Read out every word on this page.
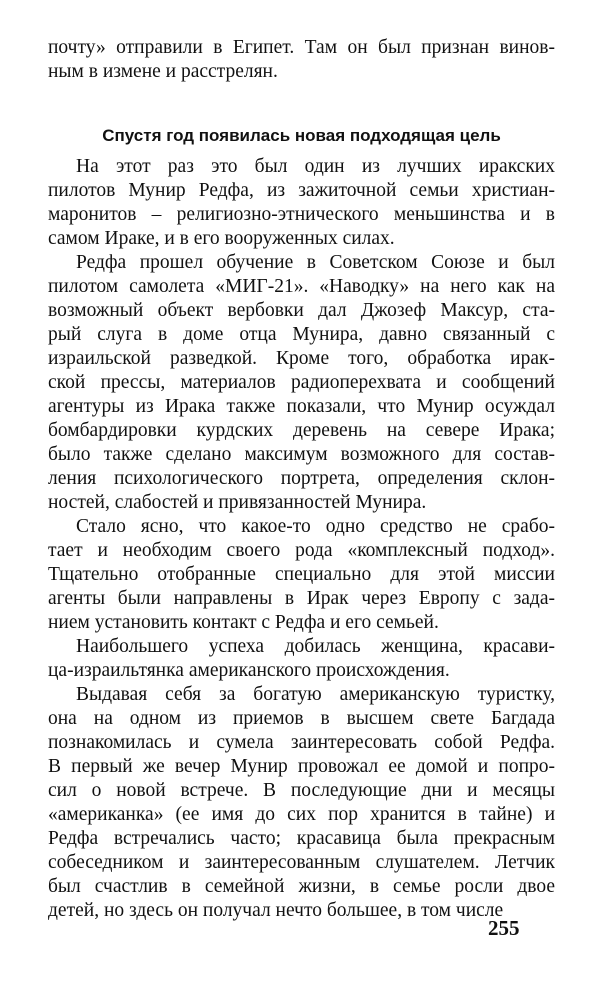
почту» отправили в Египет. Там он был признан винов-
ным в измене и расстрелян.
Спустя год появилась новая подходящая цель
На этот раз это был один из лучших иракских
пилотов Мунир Редфа, из зажиточной семьи христиан-
маронитов – религиозно-этнического меньшинства и в
самом Ираке, и в его вооруженных силах.
Редфа прошел обучение в Советском Союзе и был
пилотом самолета «МИГ-21». «Наводку» на него как на
возможный объект вербовки дал Джозеф Максур, ста-
рый слуга в доме отца Мунира, давно связанный с
израильской разведкой. Кроме того, обработка ирак-
ской прессы, материалов радиоперехвата и сообщений
агентуры из Ирака также показали, что Мунир осуждал
бомбардировки курдских деревень на севере Ирака;
было также сделано максимум возможного для состав-
ления психологического портрета, определения склон-
ностей, слабостей и привязанностей Мунира.
Стало ясно, что какое-то одно средство не срабо-
тает и необходим своего рода «комплексный подход».
Тщательно отобранные специально для этой миссии
агенты были направлены в Ирак через Европу с зада-
нием установить контакт с Редфа и его семьей.
Наибольшего успеха добилась женщина, красави-
ца-израильтянка американского происхождения.
Выдавая себя за богатую американскую туристку,
она на одном из приемов в высшем свете Багдада
познакомилась и сумела заинтересовать собой Редфа.
В первый же вечер Мунир провожал ее домой и попро-
сил о новой встрече. В последующие дни и месяцы
«американка» (ее имя до сих пор хранится в тайне) и
Редфа встречались часто; красавица была прекрасным
собеседником и заинтересованным слушателем. Летчик
был счастлив в семейной жизни, в семье росли двое
детей, но здесь он получал нечто большее, в том числе
255
